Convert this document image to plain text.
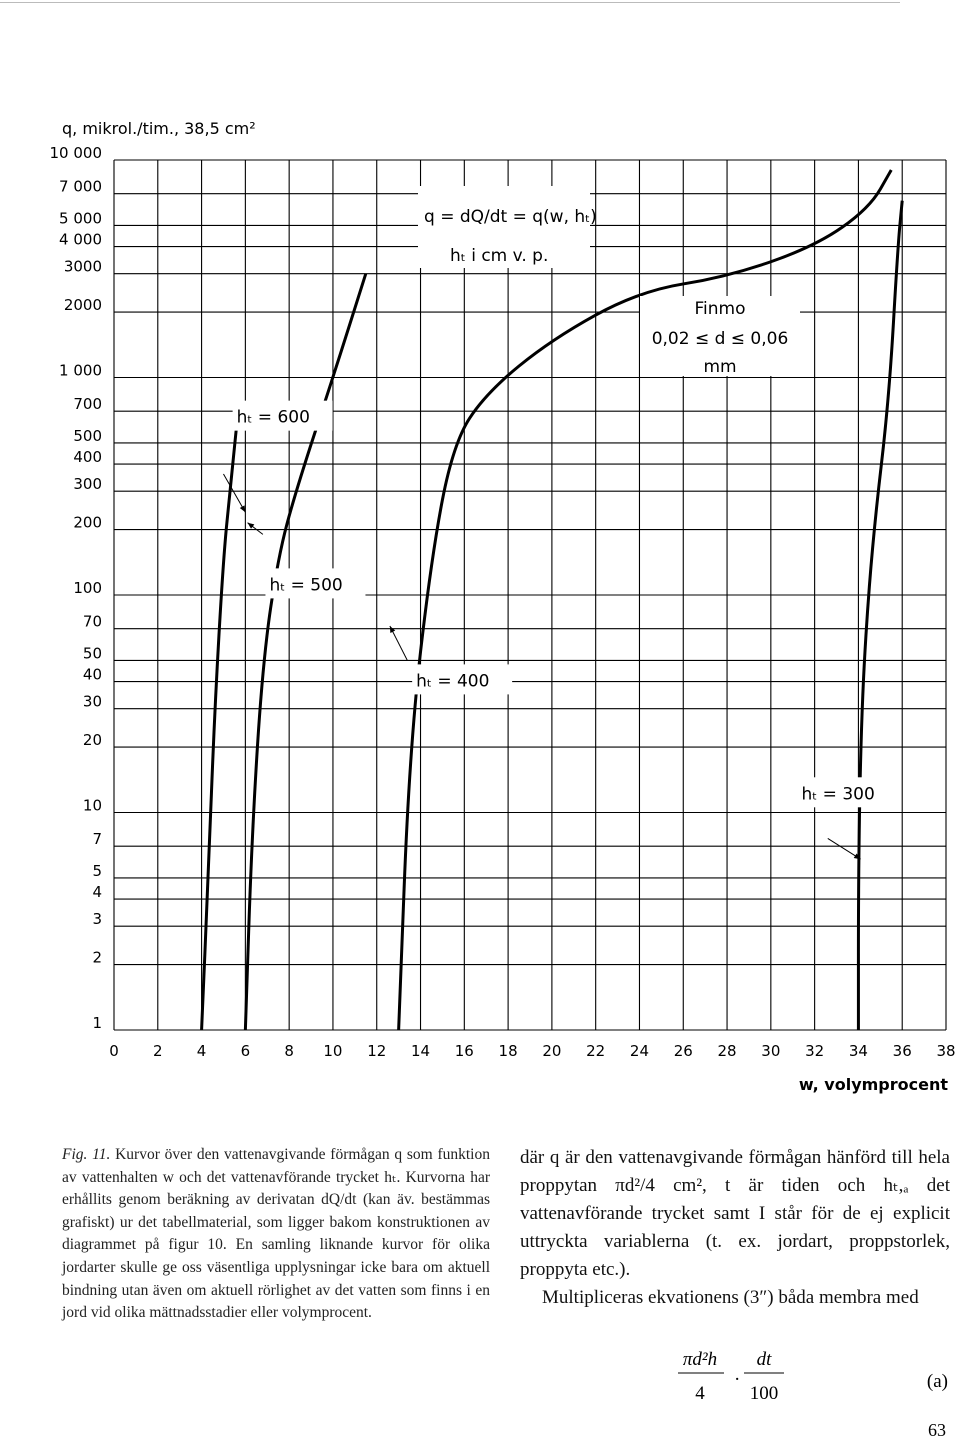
0 2 4 6 8 10 12 14 16 18 20 22 24 26 28 30 32 34 36 38
1
2
3
4
5
7
10
20
30
40
50
70
100
200
300
400
500
700
1 000
2000
3000
4 000
5 000
7 000
10 000
q, mikrol./tim., 38,5 cm²
w, volymprocent
q = dQ/dt = q(w, hₜ)
hₜ i cm v. p.
Finmo
0,02 ≤ d ≤ 0,06
mm
hₜ = 600
hₜ = 500
hₜ = 400
hₜ = 300
Fig. 11. Kurvor över den vattenavgivande förmågan q som funktion av vattenhalten w och det vattenavförande trycket hₜ. Kurvorna har erhållits genom beräkning av derivatan dQ/dt (kan äv. bestämmas grafiskt) ur det tabellmaterial, som ligger bakom konstruktionen av diagrammet på figur 10. En samling liknande kurvor för olika jordarter skulle ge oss väsentliga upplysningar icke bara om aktuell bindning utan även om aktuell rörlighet av det vatten som finns i en jord vid olika mättnadsstadier eller volymprocent.

där q är den vattenavgivande förmågan hänförd till hela proppytan πd²/4 cm², t är tiden och hₜ,ₐ det vattenavförande trycket samt I står för de ej explicit uttryckta variablerna (t. ex. jordart, proppstorlek, proppyta etc.).

Multipliceras ekvationens (3″) båda membra med

πd²h
4
·
dt
100
(a)
63
